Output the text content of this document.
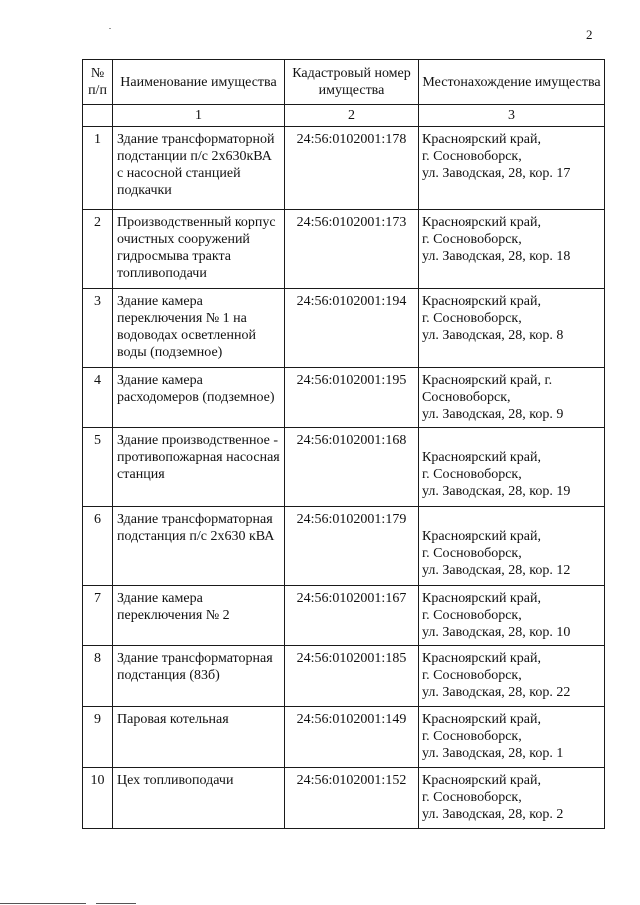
2
№ п/п	Наименование имущества	Кадастровый номер имущества	Местонахождение имущества
	1	2	3
1	Здание трансформаторной подстанции п/с 2х630кВА с насосной станцией подкачки	24:56:0102001:178	Красноярский край,
г. Сосновоборск,
ул. Заводская, 28, кор. 17

2	Производственный корпус очистных сооружений гидросмыва тракта топливоподачи	24:56:0102001:173	Красноярский край,
г. Сосновоборск,
ул. Заводская, 28, кор. 18

3	Здание камера переключения № 1 на водоводах осветленной воды (подземное)	24:56:0102001:194	Красноярский край,
г. Сосновоборск,
ул. Заводская, 28, кор. 8

4	Здание камера расходомеров (подземное)	24:56:0102001:195	Красноярский край, г.
Сосновоборск,
ул. Заводская, 28, кор. 9

5	Здание производственное - противопожарная насосная станция	24:56:0102001:168	Красноярский край,
г. Сосновоборск,
ул. Заводская, 28, кор. 19

6	Здание трансформаторная подстанция п/с 2х630 кВА	24:56:0102001:179	Красноярский край,
г. Сосновоборск,
ул. Заводская, 28, кор. 12

7	Здание камера переключения № 2	24:56:0102001:167	Красноярский край,
г. Сосновоборск,
ул. Заводская, 28, кор. 10

8	Здание трансформаторная подстанция (83б)	24:56:0102001:185	Красноярский край,
г. Сосновоборск,
ул. Заводская, 28, кор. 22

9	Паровая котельная	24:56:0102001:149	Красноярский край,
г. Сосновоборск,
ул. Заводская, 28, кор. 1

10	Цех топливоподачи	24:56:0102001:152	Красноярский край,
г. Сосновоборск,
ул. Заводская, 28, кор. 2
